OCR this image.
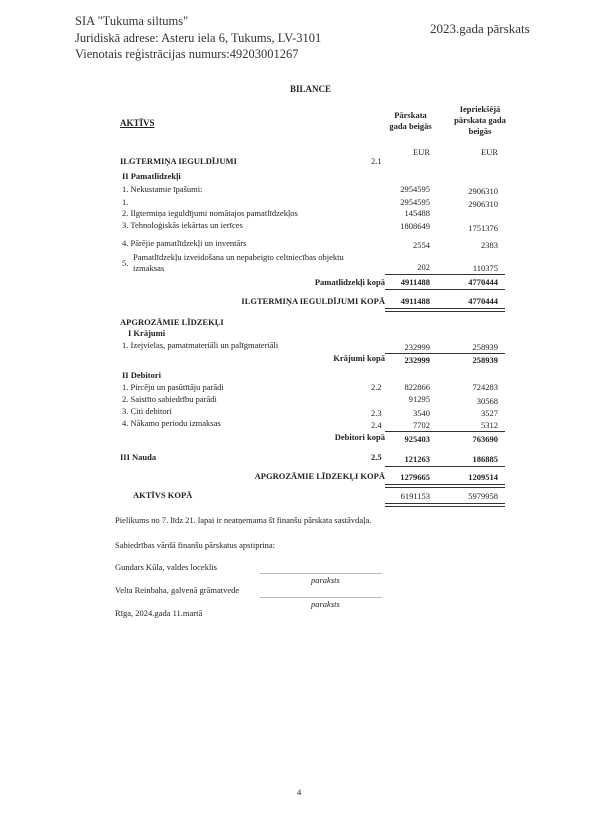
SIA "Tukuma siltums"
Juridiskā adrese: Asteru iela 6, Tukums, LV-3101
Vienotais reģistrācijas numurs:49203001267
2023.gada pārskats
BILANCE
AKTĪVS
Pārskata gada beigās
Iepriekšējā pārskata gada beigās
EUR	EUR
ILGTERMIŅA IEGULDĪJUMI	2.1
II Pamatlīdzekļi
1. Nekustamie īpašumi:	2954595	2906310
1.	2954595	2906310
2. Ilgtermiņa ieguldījumi nomātajos pamatlīdzekļos	145488
3. Tehnoloģiskās iekārtas un ierīces	1808649	1751376
4. Pārējie pamatlīdzekļi un inventārs	2554	2383
5.
Pamatlīdzekļu izveidošana un nepabeigto celtniecības objektu
izmaksas	202	110375
Pamatlīdzekļi kopā	4911488	4770444
ILGTERMIŅA IEGULDĪJUMI KOPĀ	4911488	4770444
APGROZĀMIE LĪDZEKĻI
I Krājumi
1. Izejvielas, pamatmateriāli un palīgmateriāli	232999	258939
Krājumi kopā	232999	258939
II Debitori
1. Pircēju un pasūtītāju parādi	2.2	822866	724283
2. Saistīto sabiedrību parādi	91295	30568
3. Citi debitori	2.3	3540	3527
4. Nākamo periodu izmaksas	2.4	7702	5312
Debitori kopā	925403	763690
III Nauda	2.5	121263	186885
APGROZĀMIE LĪDZEKĻI KOPĀ	1279665	1209514
AKTĪVS KOPĀ	6191153	5979958
Pielikums no 7. līdz 21. lapai ir neatņemama šī finanšu pārskata sastāvdaļa.
Sabiedrības vārdā finanšu pārskatus apstiprina:
Gundars Kūla, valdes loceklis
paraksts
Velta Reinbaha, galvenā grāmatvede
paraksts
Rīga, 2024.gada 11.martā
4
